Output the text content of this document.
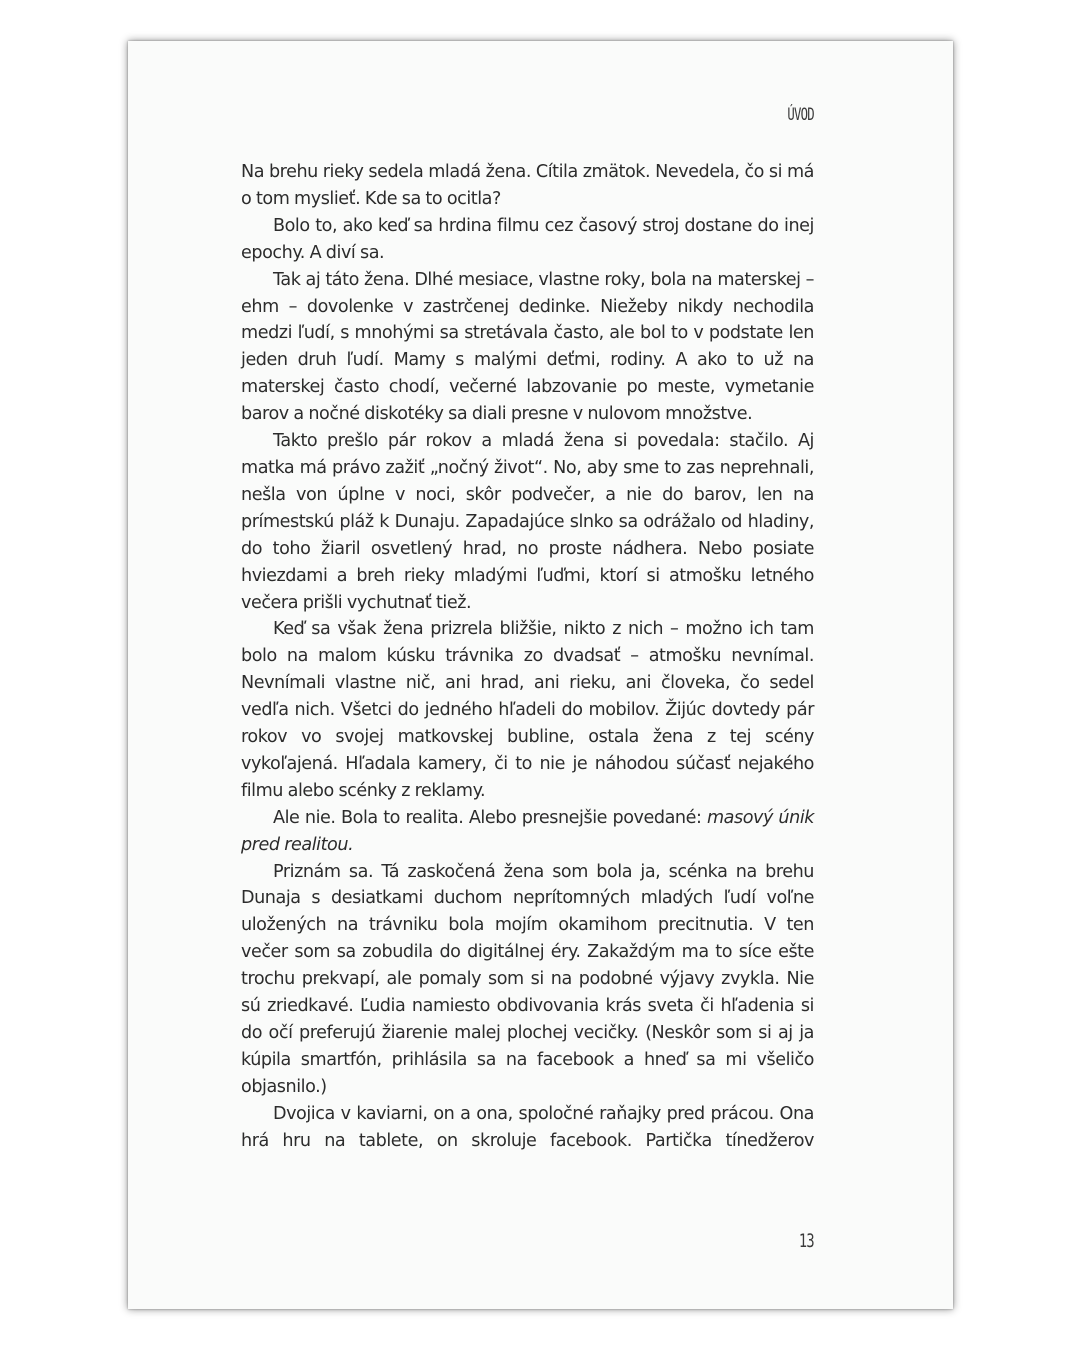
ÚVOD

Na brehu rieky sedela mladá žena. Cítila zmätok. Nevedela, čo si má o tom myslieť. Kde sa to ocitla?

Bolo to, ako keď sa hrdina filmu cez časový stroj dostane do inej epochy. A diví sa.

Tak aj táto žena. Dlhé mesiace, vlastne roky, bola na materskej – ehm – dovolenke v zastrčenej dedinke. Niežeby nikdy nechodila medzi ľudí, s mnohými sa stretávala často, ale bol to v podstate len jeden druh ľudí. Mamy s malými deťmi, rodiny. A ako to už na materskej často chodí, večerné labzovanie po meste, vymetanie barov a nočné diskotéky sa diali presne v nulovom množstve.

Takto prešlo pár rokov a mladá žena si povedala: stačilo. Aj matka má právo zažiť „nočný život“. No, aby sme to zas neprehnali, nešla von úplne v noci, skôr podvečer, a nie do barov, len na prímestskú pláž k Dunaju. Zapadajúce slnko sa odrážalo od hladiny, do toho žiaril osvetlený hrad, no proste nádhera. Nebo posiate hviezdami a breh rieky mladými ľuďmi, ktorí si atmošku letného večera prišli vychutnať tiež.

Keď sa však žena prizrela bližšie, nikto z nich – možno ich tam bolo na malom kúsku trávnika zo dvadsať – atmošku nevnímal. Nevnímali vlastne nič, ani hrad, ani rieku, ani človeka, čo sedel vedľa nich. Všetci do jedného hľadeli do mobilov. Žijúc dovtedy pár rokov vo svojej matkovskej bubline, ostala žena z tej scény vykoľajená. Hľadala kamery, či to nie je náhodou súčasť nejakého filmu alebo scénky z reklamy.

Ale nie. Bola to realita. Alebo presnejšie povedané: masový únik pred realitou.

Priznám sa. Tá zaskočená žena som bola ja, scénka na brehu Dunaja s desiatkami duchom neprítomných mladých ľudí voľne uložených na trávniku bola mojím okamihom precitnutia. V ten večer som sa zobudila do digitálnej éry. Zakaždým ma to síce ešte trochu prekvapí, ale pomaly som si na podobné výjavy zvykla. Nie sú zriedkavé. Ľudia namiesto obdivovania krás sveta či hľadenia si do očí preferujú žiarenie malej plochej vecičky. (Neskôr som si aj ja kúpila smartfón, prihlásila sa na facebook a hneď sa mi všeličo objasnilo.)

Dvojica v kaviarni, on a ona, spoločné raňajky pred prácou. Ona hrá hru na tablete, on skroluje facebook. Partička tínedžerov

13
